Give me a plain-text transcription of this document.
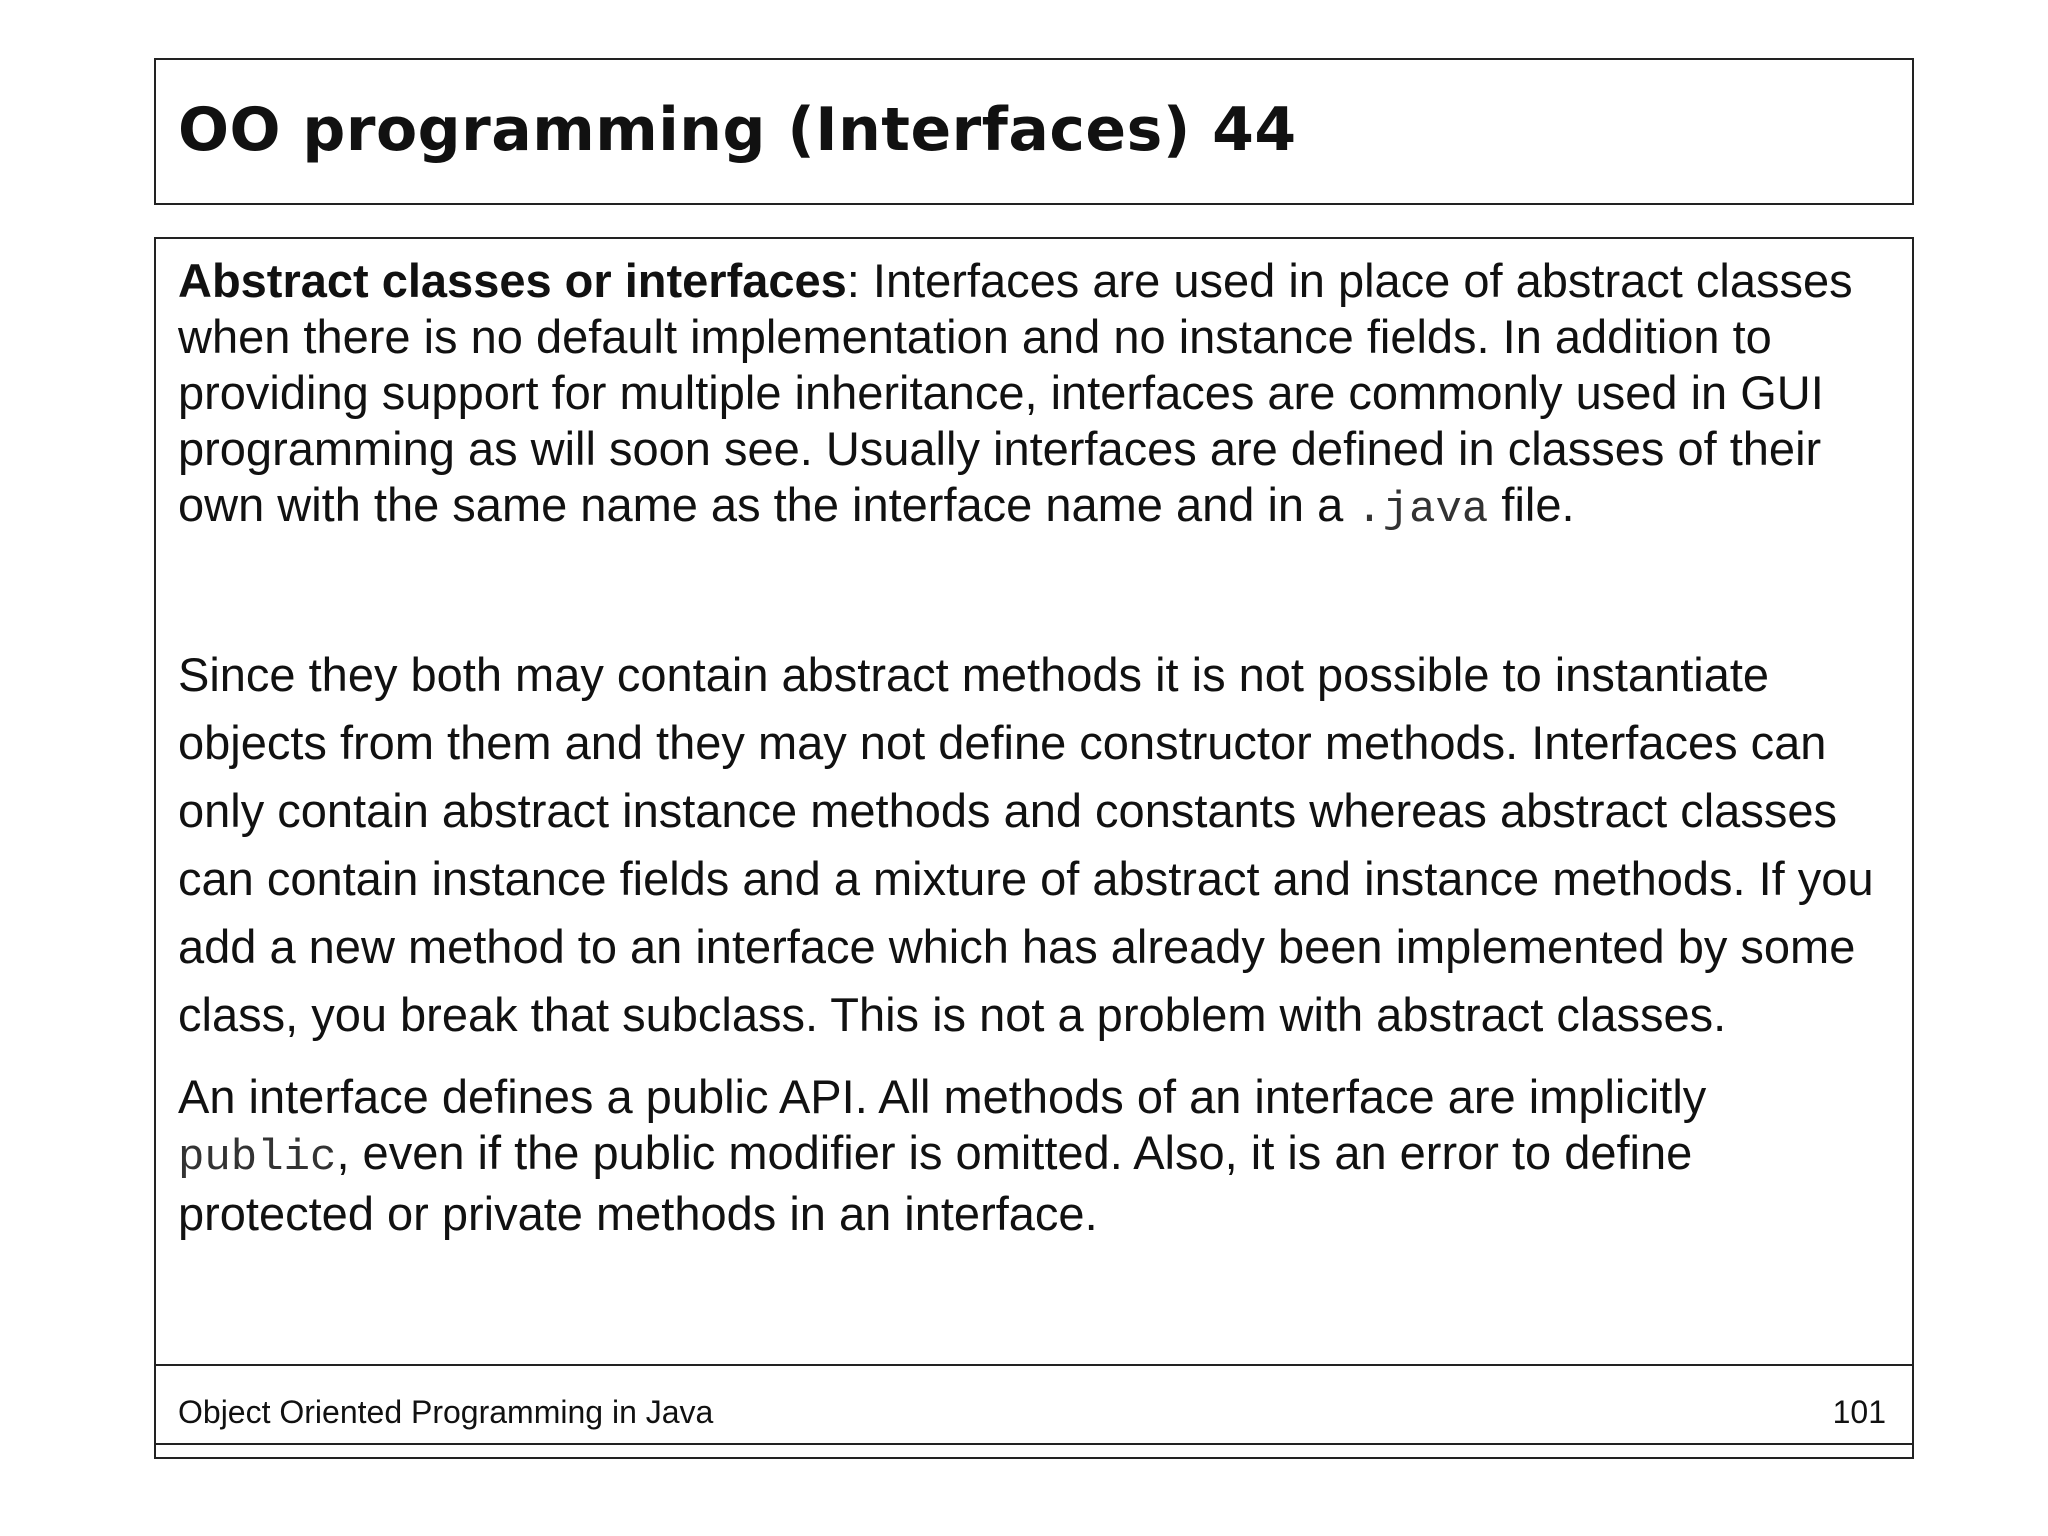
OO programming (Interfaces) 44

Abstract classes or interfaces: Interfaces are used in place of abstract classes when there is no default implementation and no instance fields. In addition to providing support for multiple inheritance, interfaces are commonly used in GUI programming as will soon see. Usually interfaces are defined in classes of their own with the same name as the interface name and in a .java file.

Since they both may contain abstract methods it is not possible to instantiate objects from them and they may not define constructor methods. Interfaces can only contain abstract instance methods and constants whereas abstract classes can contain instance fields and a mixture of abstract and instance methods. If you add a new method to an interface which has already been implemented by some class, you break that subclass. This is not a problem with abstract classes.

An interface defines a public API. All methods of an interface are implicitly public, even if the public modifier is omitted. Also, it is an error to define protected or private methods in an interface.

Object Oriented Programming in Java	101
